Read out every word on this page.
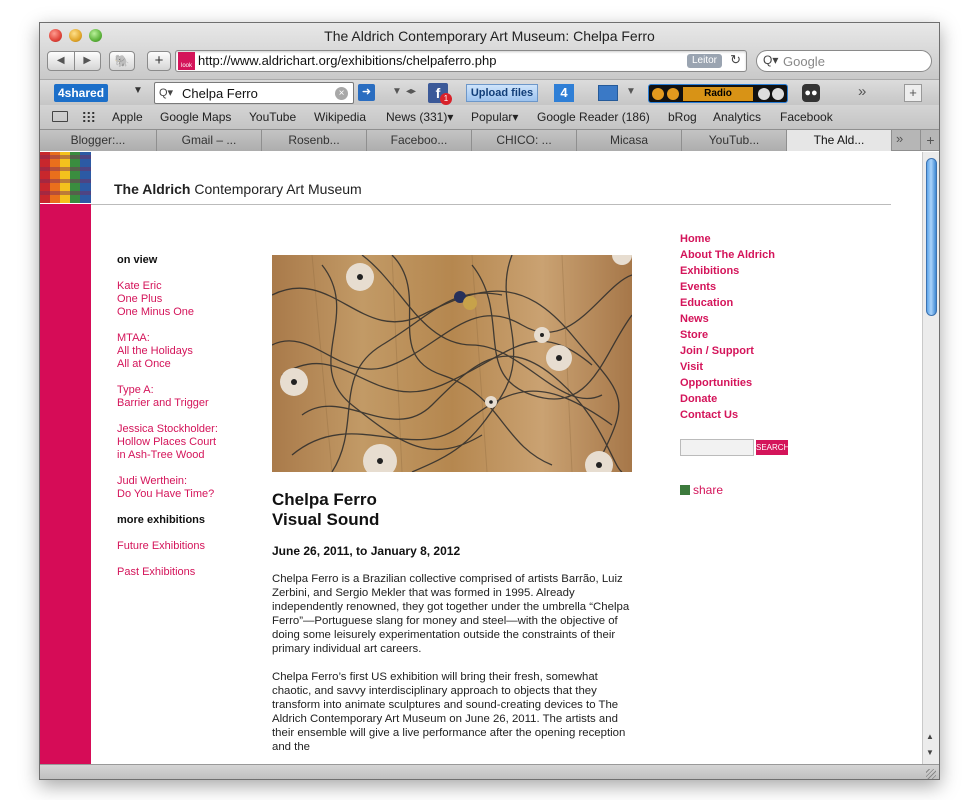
The Aldrich Contemporary Art Museum: Chelpa Ferro
◀	▶	🐘	+	look http://www.aldrichart.org/exhibitions/chelpaferro.php	Leitor	↻ Q▾ Google
4shared	▼ Q▾ Chelpa Ferro	×	➜	▼ ◂▸	f 1	Upload files	4	▼	Radio	●●	»	+
Apple Google Maps YouTube Wikipedia News (331)▾ Popular▾ Google Reader (186) bRog Analytics Facebook
Blogger:...	Gmail – ...	Rosenb...	Faceboo...	CHICO: ...	Micasa	YouTub...	The Ald...	»	+
The Aldrich Contemporary Art Museum
on view
Kate Eric
One Plus
One Minus One
MTAA:
All the Holidays
All at Once
Type A:
Barrier and Trigger
Jessica Stockholder:
Hollow Places Court
in Ash-Tree Wood
Judi Werthein:
Do You Have Time?
more exhibitions
Future Exhibitions
Past Exhibitions
Chelpa Ferro
Visual Sound
June 26, 2011, to January 8, 2012

Chelpa Ferro is a Brazilian collective comprised of artists Barrão, Luiz Zerbini, and Sergio Mekler that was formed in 1995. Already independently renowned, they got together under the umbrella “Chelpa Ferro”—Portuguese slang for money and steel—with the objective of doing some leisurely experimentation outside the constraints of their primary individual art careers.

Chelpa Ferro’s first US exhibition will bring their fresh, somewhat chaotic, and savvy interdisciplinary approach to objects that they transform into animate sculptures and sound-creating devices to The Aldrich Contemporary Art Museum on June 26, 2011. The artists and their ensemble will give a live performance after the opening reception and the

Home
About The Aldrich
Exhibitions
Events
Education
News
Store
Join / Support
Visit
Opportunities
Donate
Contact Us
SEARCH
share
▲
▼
